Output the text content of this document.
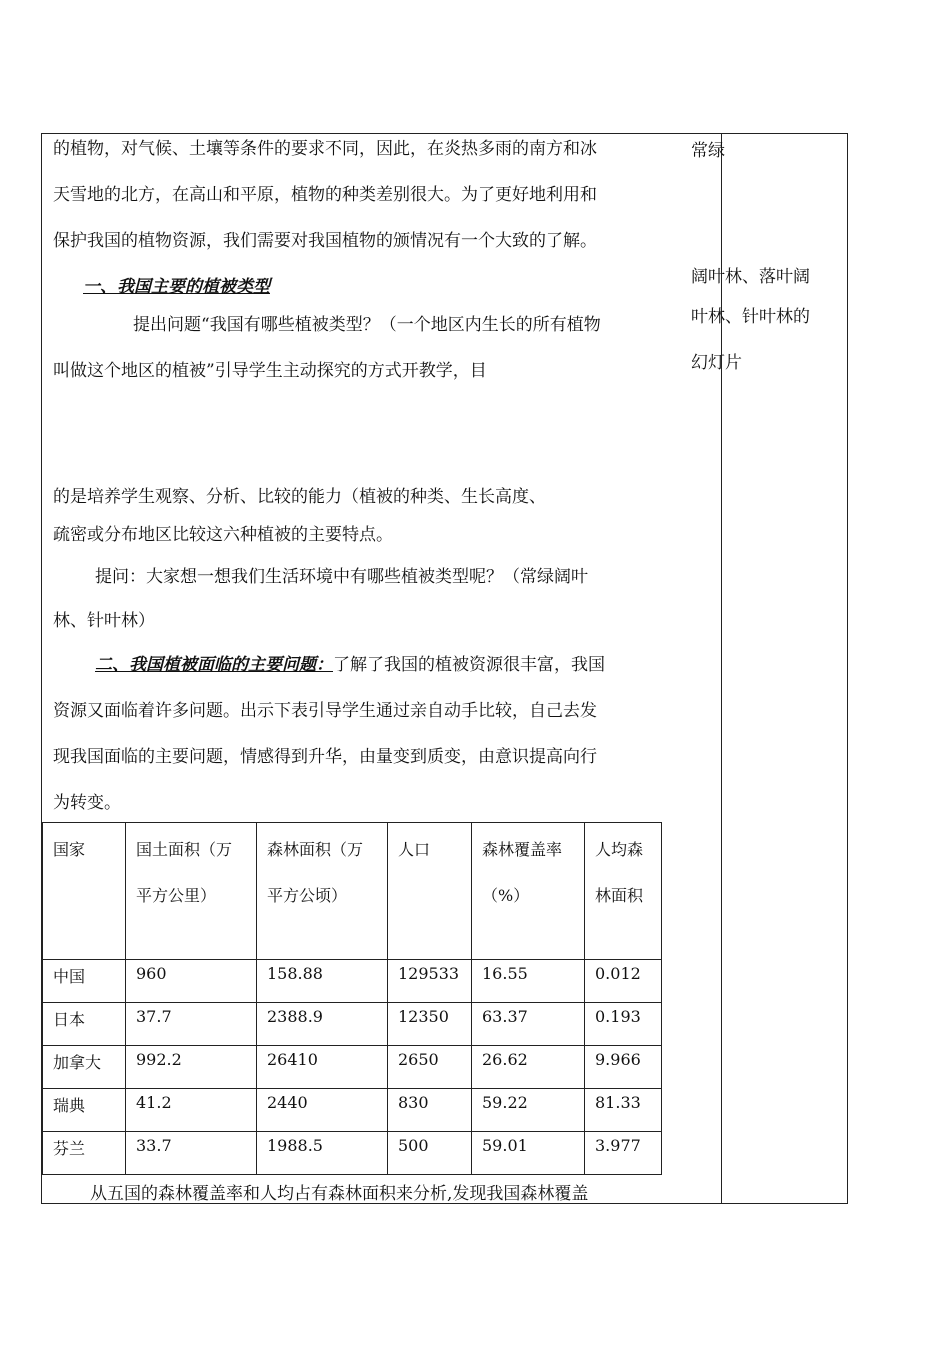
的植物，对气候、土壤等条件的要求不同，因此，在炎热多雨的南方和冰
天雪地的北方，在高山和平原，植物的种类差别很大。为了更好地利用和
保护我国的植物资源，我们需要对我国植物的颁情况有一个大致的了解。
一、我国主要的植被类型
提出问题“我国有哪些植被类型？（一个地区内生长的所有植物
叫做这个地区的植被”引导学生主动探究的方式开教学，目
的是培养学生观察、分析、比较的能力（植被的种类、生长高度、
疏密或分布地区比较这六种植被的主要特点。
提问：大家想一想我们生活环境中有哪些植被类型呢？（常绿阔叶
林、针叶林）
二、我国植被面临的主要问题：了解了我国的植被资源很丰富，我国
资源又面临着许多问题。出示下表引导学生通过亲自动手比较，自己去发
现我国面临的主要问题，情感得到升华，由量变到质变，由意识提高向行
为转变。
国家	国土面积（万平方公里）	森林面积（万平方公顷）	人口	森林覆盖率（%）	人均森林面积
中国	960	158.88	129533	16.55	0.012
日本	37.7	2388.9	12350	63.37	0.193
加拿大	992.2	26410	2650	26.62	9.966
瑞典	41.2	2440	830	59.22	81.33
芬兰	33.7	1988.5	500	59.01	3.977
从五国的森林覆盖率和人均占有森林面积来分析,发现我国森林覆盖
常绿
阔叶林、落叶阔
叶林、针叶林的
幻灯片
